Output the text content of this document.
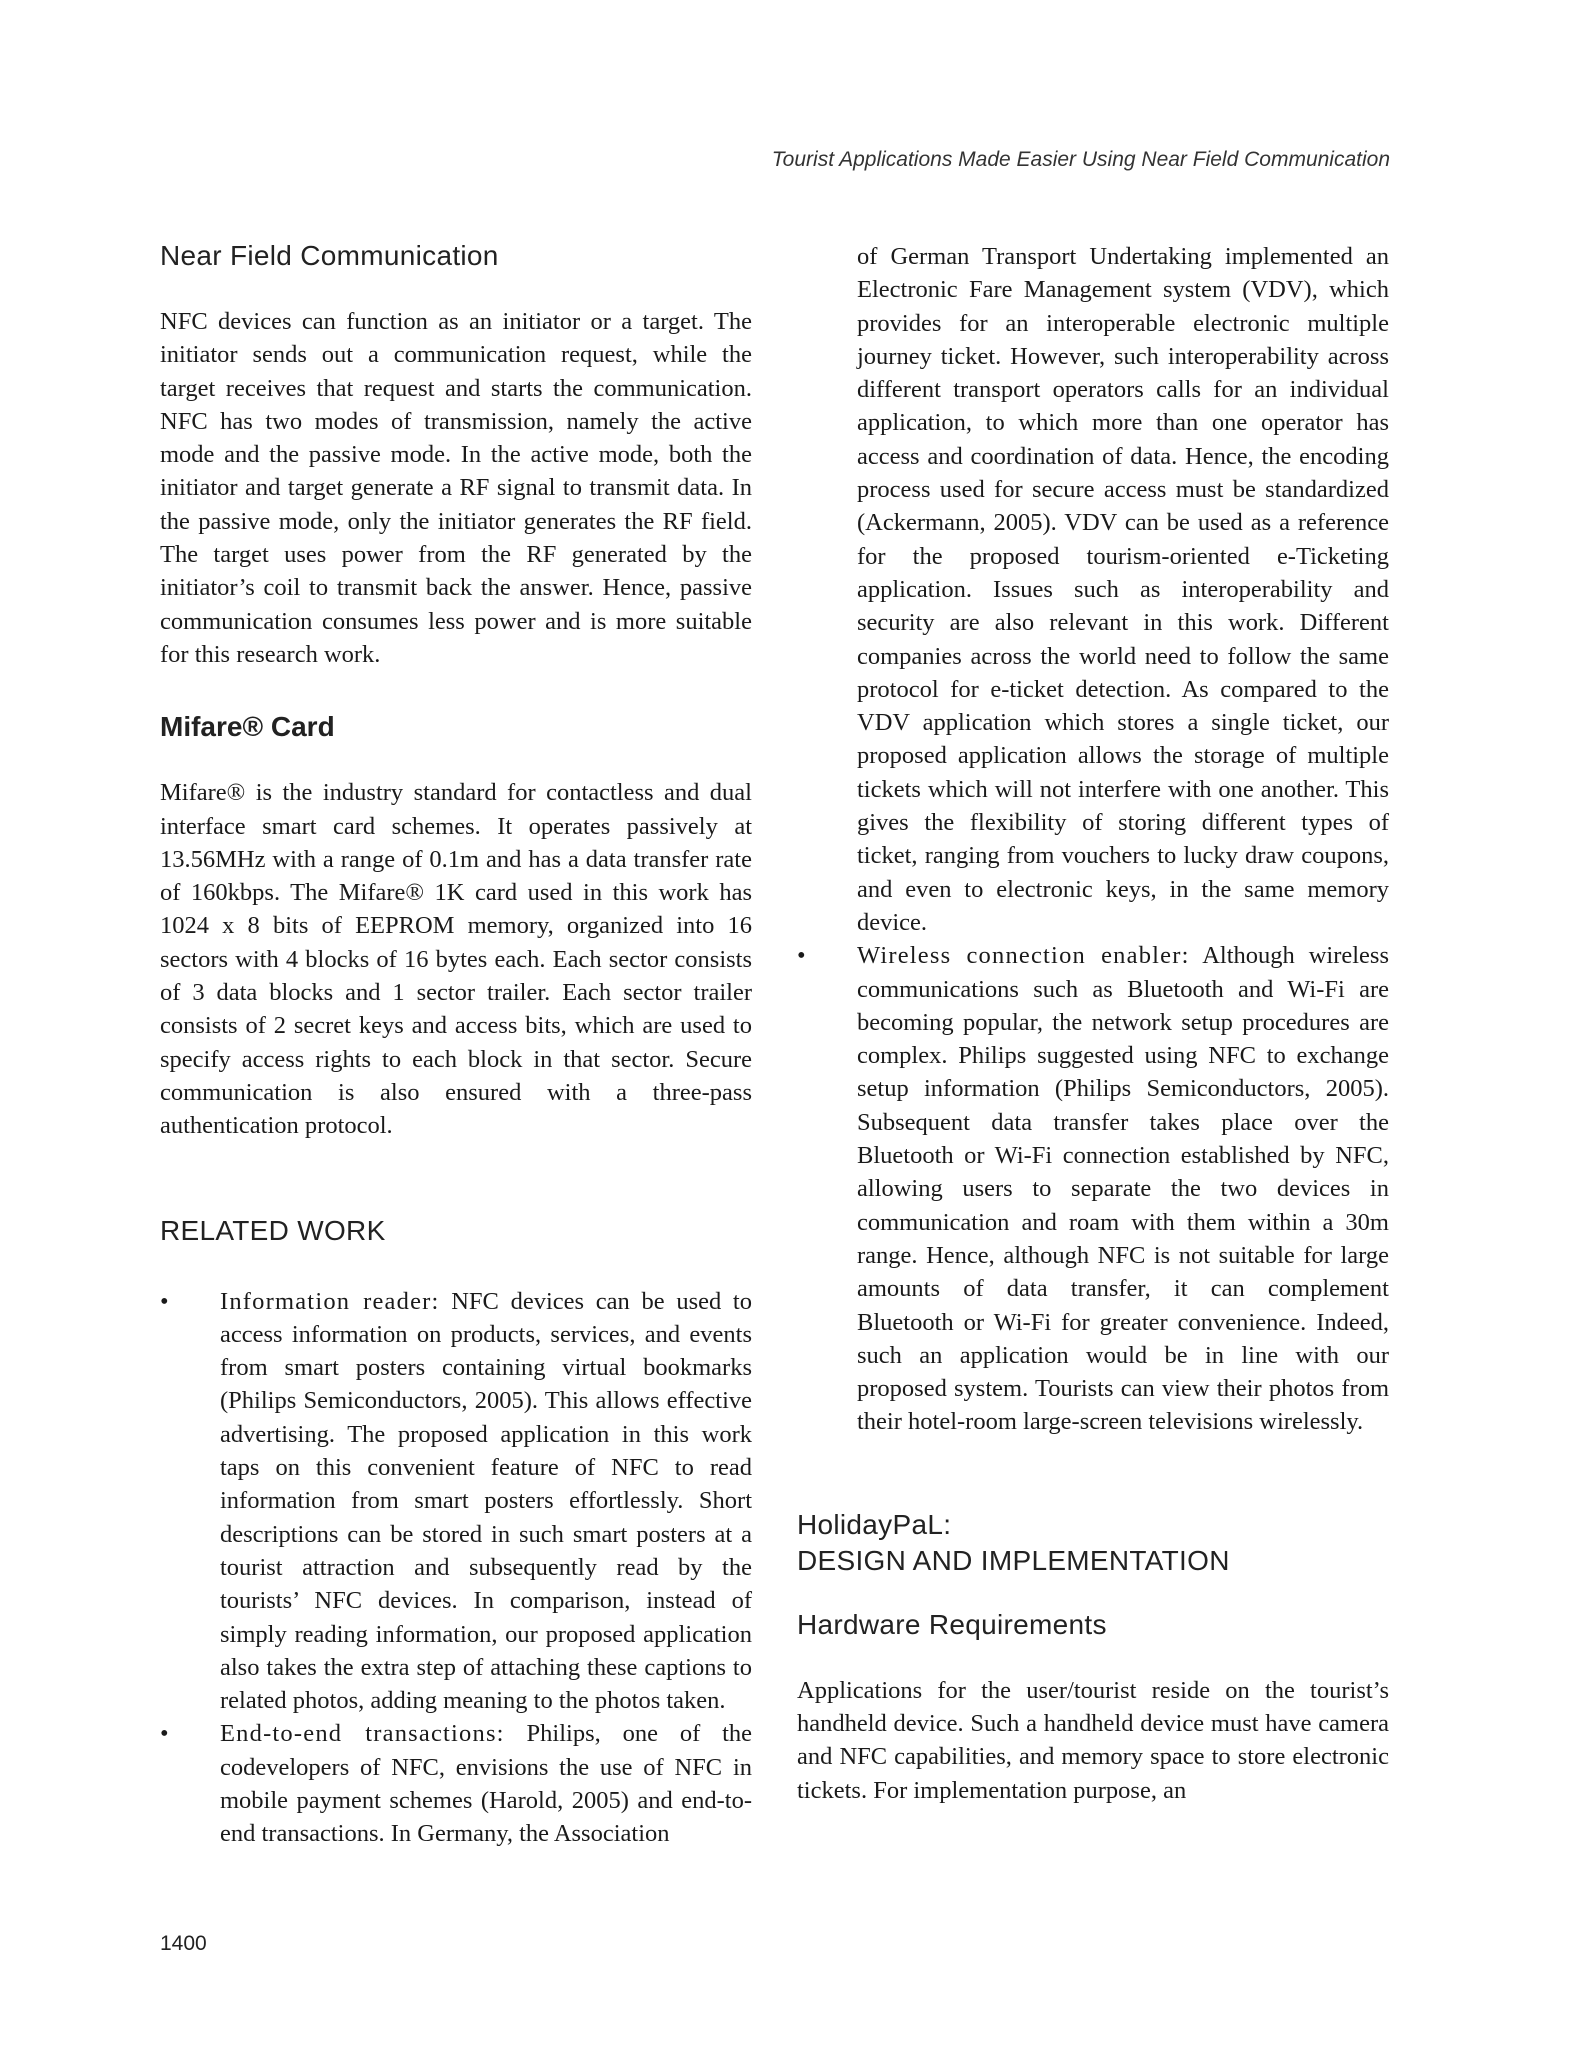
Tourist Applications Made Easier Using Near Field Communication
Near Field Communication

NFC devices can function as an initiator or a target. The initiator sends out a communication request, while the target receives that request and starts the communication. NFC has two modes of transmission, namely the active mode and the passive mode. In the active mode, both the initiator and target generate a RF signal to transmit data. In the passive mode, only the initiator generates the RF field. The target uses power from the RF generated by the initiator’s coil to transmit back the answer. Hence, passive communication consumes less power and is more suitable for this research work.

Mifare® Card

Mifare® is the industry standard for contactless and dual interface smart card schemes. It operates passively at 13.56MHz with a range of 0.1m and has a data transfer rate of 160kbps. The Mifare® 1K card used in this work has 1024 x 8 bits of EEPROM memory, organized into 16 sectors with 4 blocks of 16 bytes each. Each sector consists of 3 data blocks and 1 sector trailer. Each sector trailer consists of 2 secret keys and access bits, which are used to specify access rights to each block in that sector. Secure communication is also ensured with a three-pass authentication protocol.

RELATED WORK
• Information reader: NFC devices can be used to access information on products, services, and events from smart posters containing virtual bookmarks (Philips Semiconductors, 2005). This allows effective advertising. The proposed application in this work taps on this convenient feature of NFC to read information from smart posters effortlessly. Short descriptions can be stored in such smart posters at a tourist attraction and subsequently read by the tourists’ NFC devices. In comparison, instead of simply reading information, our proposed application also takes the extra step of attaching these captions to related photos, adding meaning to the photos taken.
• End-to-end transactions: Philips, one of the codevelopers of NFC, envisions the use of NFC in mobile payment schemes (Harold, 2005) and end-to-end transactions. In Germany, the Association
of German Transport Undertaking implemented an Electronic Fare Management system (VDV), which provides for an interoperable electronic multiple journey ticket. However, such interoperability across different transport operators calls for an individual application, to which more than one operator has access and coordination of data. Hence, the encoding process used for secure access must be standardized (Ackermann, 2005). VDV can be used as a reference for the proposed tourism-oriented e-Ticketing application. Issues such as interoperability and security are also relevant in this work. Different companies across the world need to follow the same protocol for e-ticket detection. As compared to the VDV application which stores a single ticket, our proposed application allows the storage of multiple tickets which will not interfere with one another. This gives the flexibility of storing different types of ticket, ranging from vouchers to lucky draw coupons, and even to electronic keys, in the same memory device.
• Wireless connection enabler: Although wireless communications such as Bluetooth and Wi-Fi are becoming popular, the network setup procedures are complex. Philips suggested using NFC to exchange setup information (Philips Semiconductors, 2005). Subsequent data transfer takes place over the Bluetooth or Wi-Fi connection established by NFC, allowing users to separate the two devices in communication and roam with them within a 30m range. Hence, although NFC is not suitable for large amounts of data transfer, it can complement Bluetooth or Wi-Fi for greater convenience. Indeed, such an application would be in line with our proposed system. Tourists can view their photos from their hotel-room large-screen televisions wirelessly.
HolidayPaL:
DESIGN AND IMPLEMENTATION
Hardware Requirements

Applications for the user/tourist reside on the tourist’s handheld device. Such a handheld device must have camera and NFC capabilities, and memory space to store electronic tickets. For implementation purpose, an

1400
